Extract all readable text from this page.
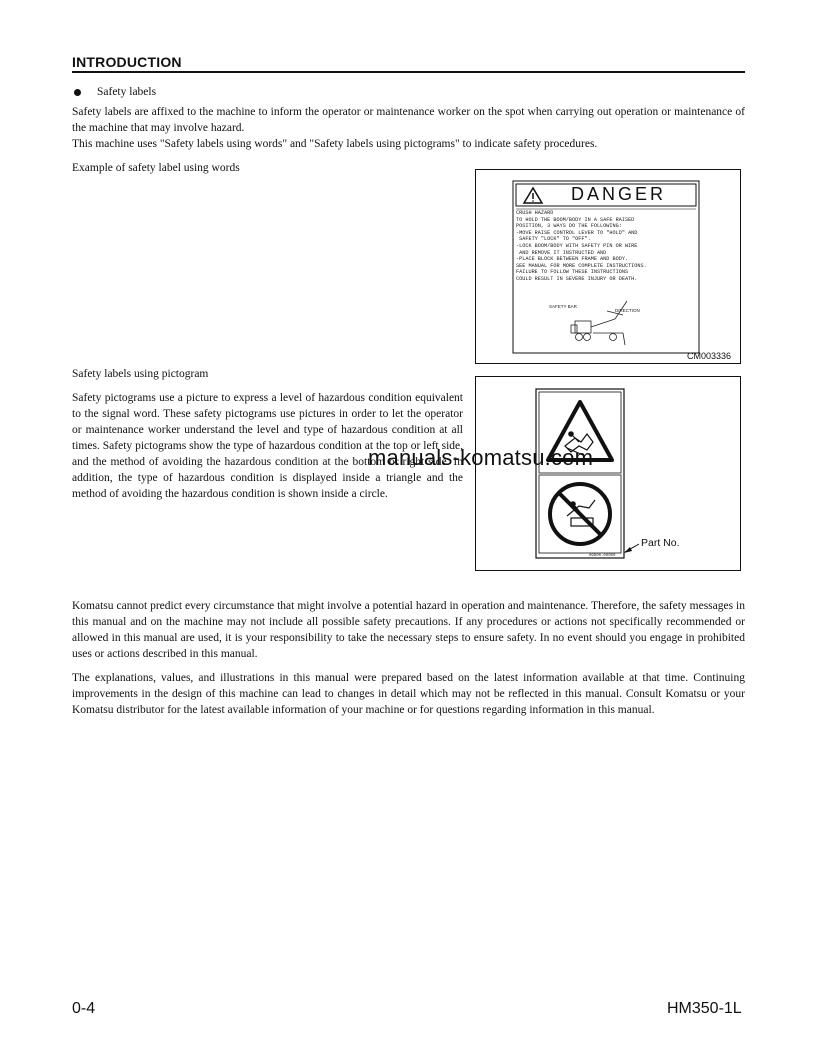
INTRODUCTION
Safety labels
Safety labels are affixed to the machine to inform the operator or maintenance worker on the spot when carrying out operation or maintenance of the machine that may involve hazard.
This machine uses "Safety labels using words" and "Safety labels using pictograms" to indicate safety procedures.
Example of safety label using words
SAFETY BAR
DIRECTION
DANGER
CRUSH HAZARD
TO HOLD THE BOOM/BODY IN A SAFE RAISED
POSITION, 3 WAYS DO THE FOLLOWING:
-MOVE RAISE CONTROL LEVER TO "HOLD" AND
SAFETY "LOCK" TO "OFF".
-LOCK BOOM/BODY WITH SAFETY PIN OR WIRE
AND REMOVE IT INSTRUCTED AND
-PLACE BLOCK BETWEEN FRAME AND BODY.
SEE MANUAL FOR MORE COMPLETE INSTRUCTIONS.
FAILURE TO FOLLOW THESE INSTRUCTIONS
COULD RESULT IN SEVERE INJURY OR DEATH.
CM003336
Safety labels using pictogram
Safety pictograms use a picture to express a level of hazardous condition equivalent to the signal word. These safety pictograms use pictures in order to let the operator or maintenance worker understand the level and type of hazardous condition at all times. Safety pictograms show the type of hazardous condition at the top or left side, and the method of avoiding the hazardous condition at the bottom or right side. In addition, the type of hazardous condition is displayed inside a triangle and the method of avoiding the hazardous condition is shown inside a circle.
09800-00000
Part No.
manuals-komatsu.com
Komatsu cannot predict every circumstance that might involve a potential hazard in operation and maintenance. Therefore, the safety messages in this manual and on the machine may not include all possible safety precautions. If any procedures or actions not specifically recommended or allowed in this manual are used, it is your responsibility to take the necessary steps to ensure safety. In no event should you engage in prohibited uses or actions described in this manual.
The explanations, values, and illustrations in this manual were prepared based on the latest information available at that time. Continuing improvements in the design of this machine can lead to changes in detail which may not be reflected in this manual. Consult Komatsu or your Komatsu distributor for the latest available information of your machine or for questions regarding information in this manual.
0-4	HM350-1L
